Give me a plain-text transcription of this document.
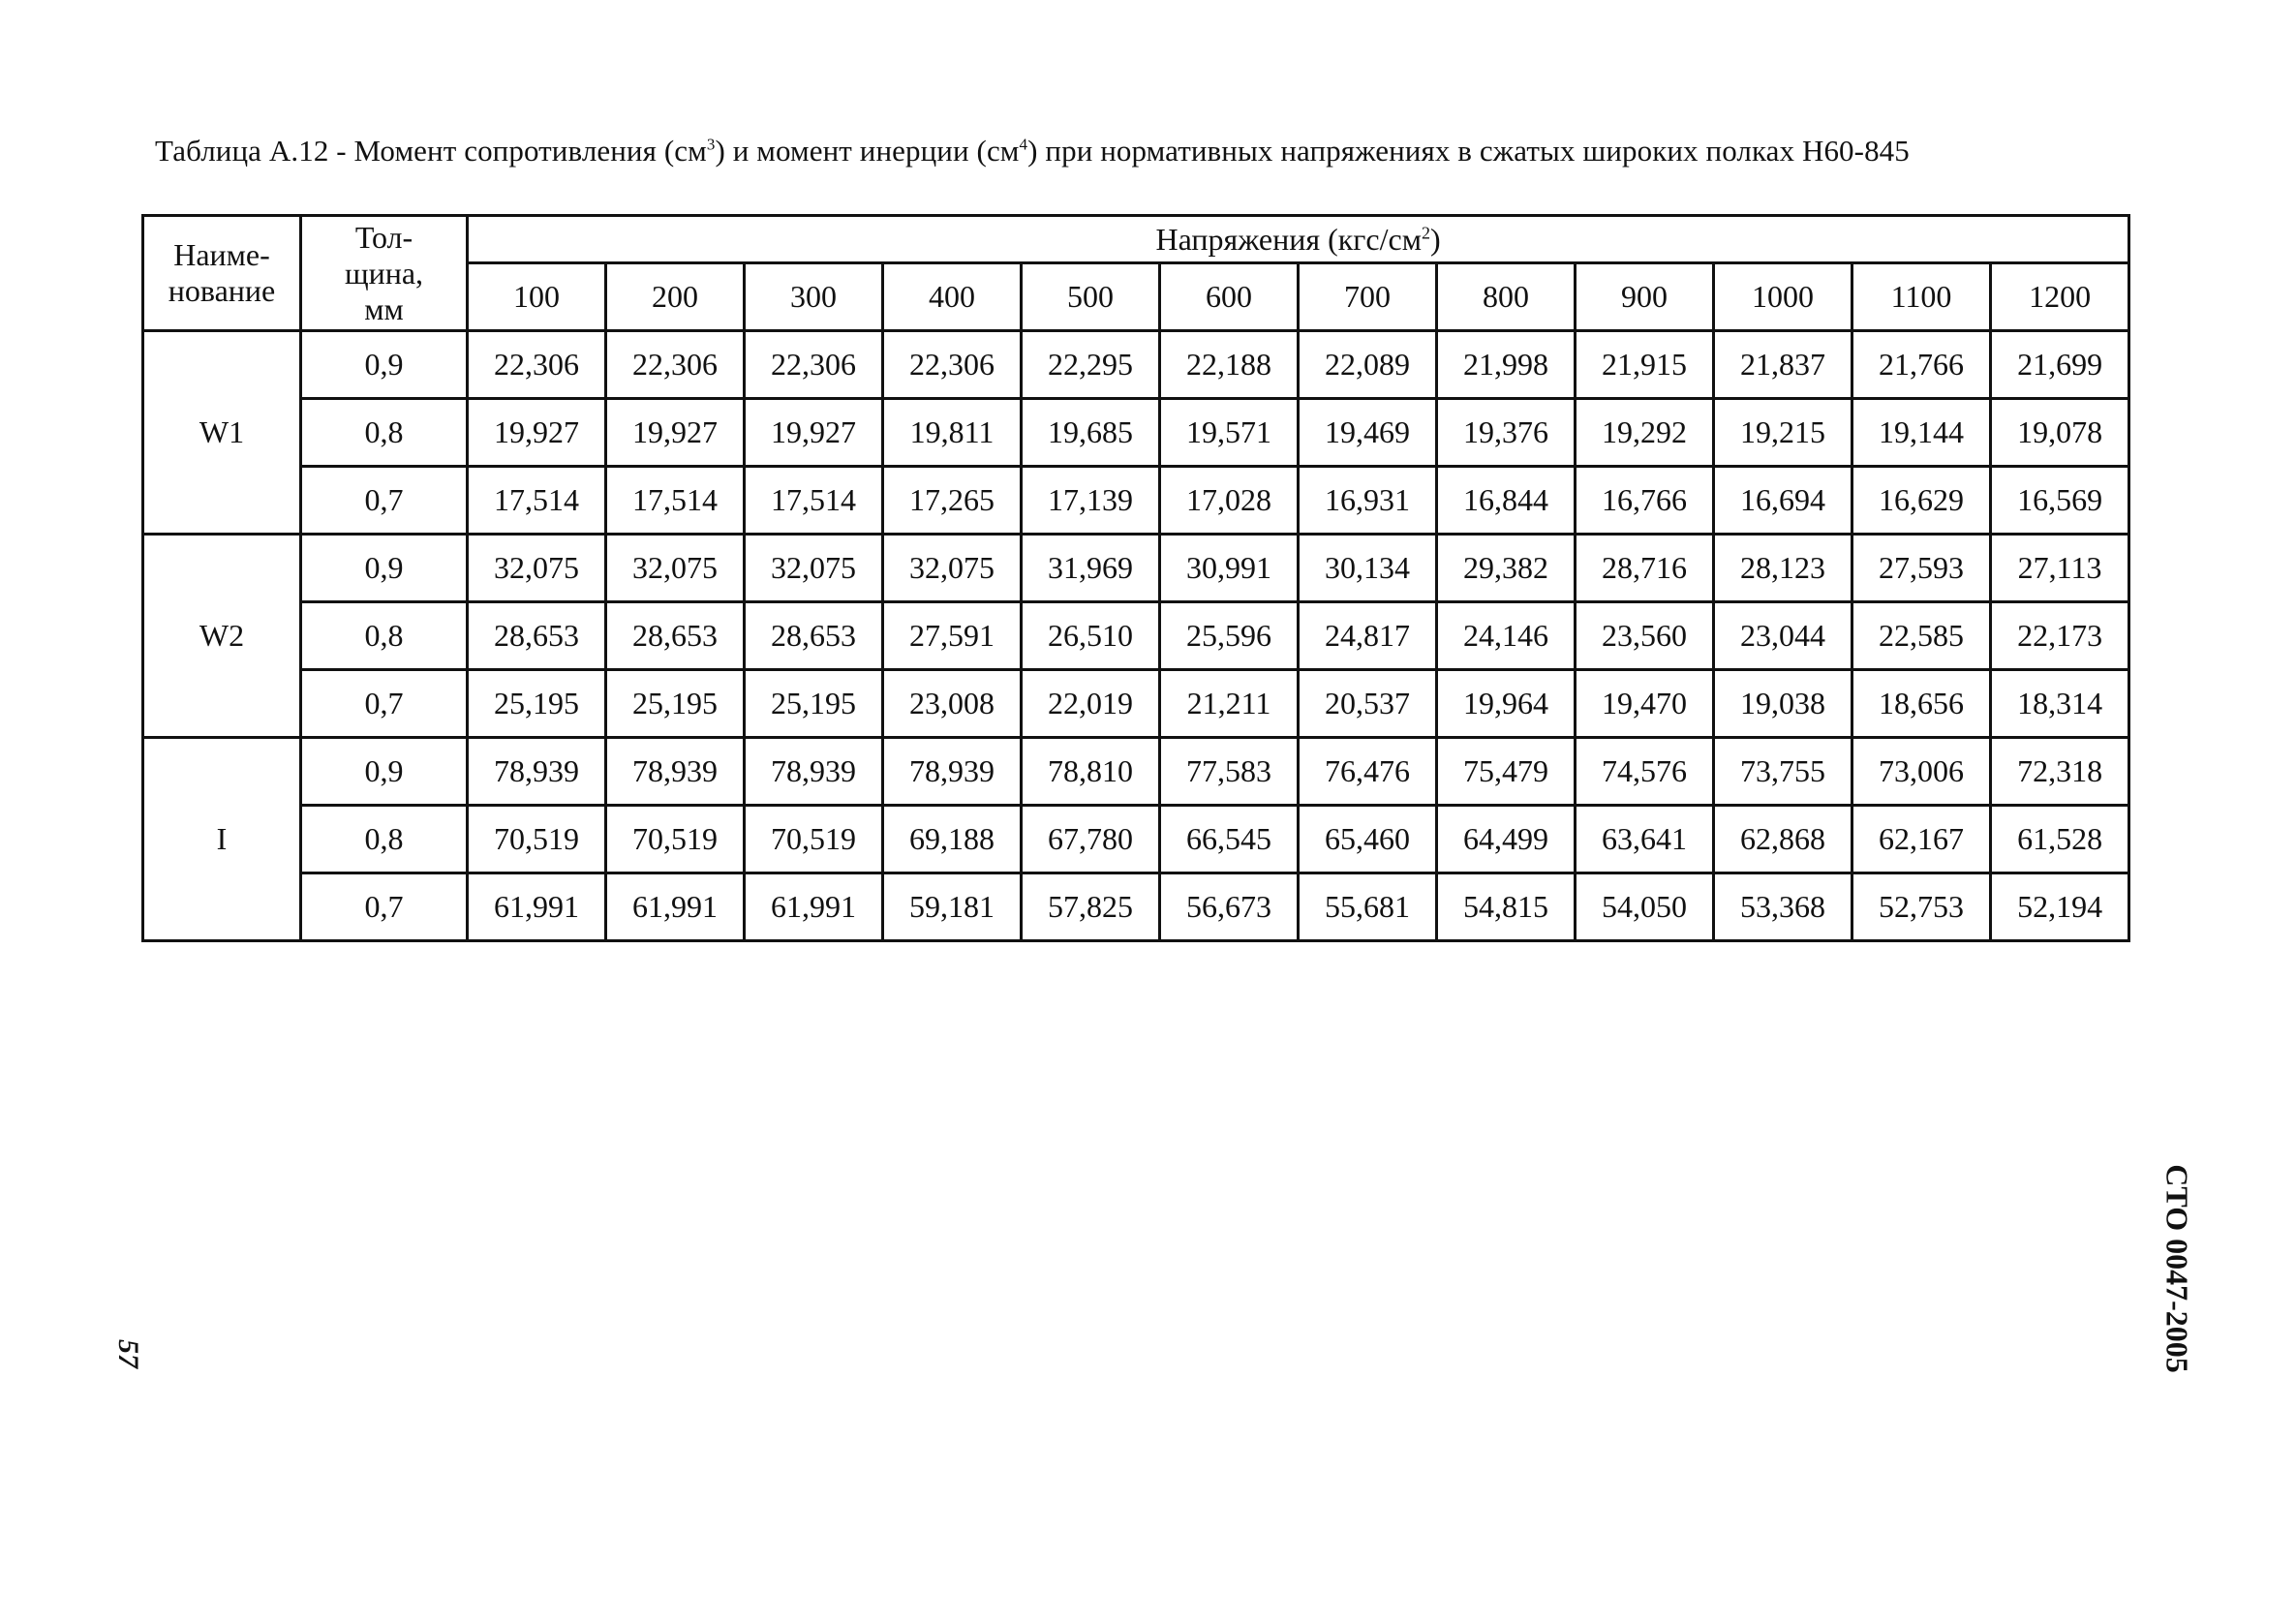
Таблица А.12 - Момент сопротивления $(см^3)$ и момент инерции $(см^4)$ при нормативных напряжениях в сжатых широких полках Н60-845
Наиме-
нование	Тол-
щина,
мм	Напряжения $(кгс/см^2)$											
		100	200	300	400	500	600	700	800	900	1000	1100	1200
W1	0,9	22,306	22,306	22,306	22,306	22,295	22,188	22,089	21,998	21,915	21,837	21,766	21,699
	0,8	19,927	19,927	19,927	19,811	19,685	19,571	19,469	19,376	19,292	19,215	19,144	19,078
	0,7	17,514	17,514	17,514	17,265	17,139	17,028	16,931	16,844	16,766	16,694	16,629	16,569
W2	0,9	32,075	32,075	32,075	32,075	31,969	30,991	30,134	29,382	28,716	28,123	27,593	27,113
	0,8	28,653	28,653	28,653	27,591	26,510	25,596	24,817	24,146	23,560	23,044	22,585	22,173
	0,7	25,195	25,195	25,195	23,008	22,019	21,211	20,537	19,964	19,470	19,038	18,656	18,314
I	0,9	78,939	78,939	78,939	78,939	78,810	77,583	76,476	75,479	74,576	73,755	73,006	72,318
	0,8	70,519	70,519	70,519	69,188	67,780	66,545	65,460	64,499	63,641	62,868	62,167	61,528
	0,7	61,991	61,991	61,991	59,181	57,825	56,673	55,681	54,815	54,050	53,368	52,753	52,194
СТО 0047-2005
57
